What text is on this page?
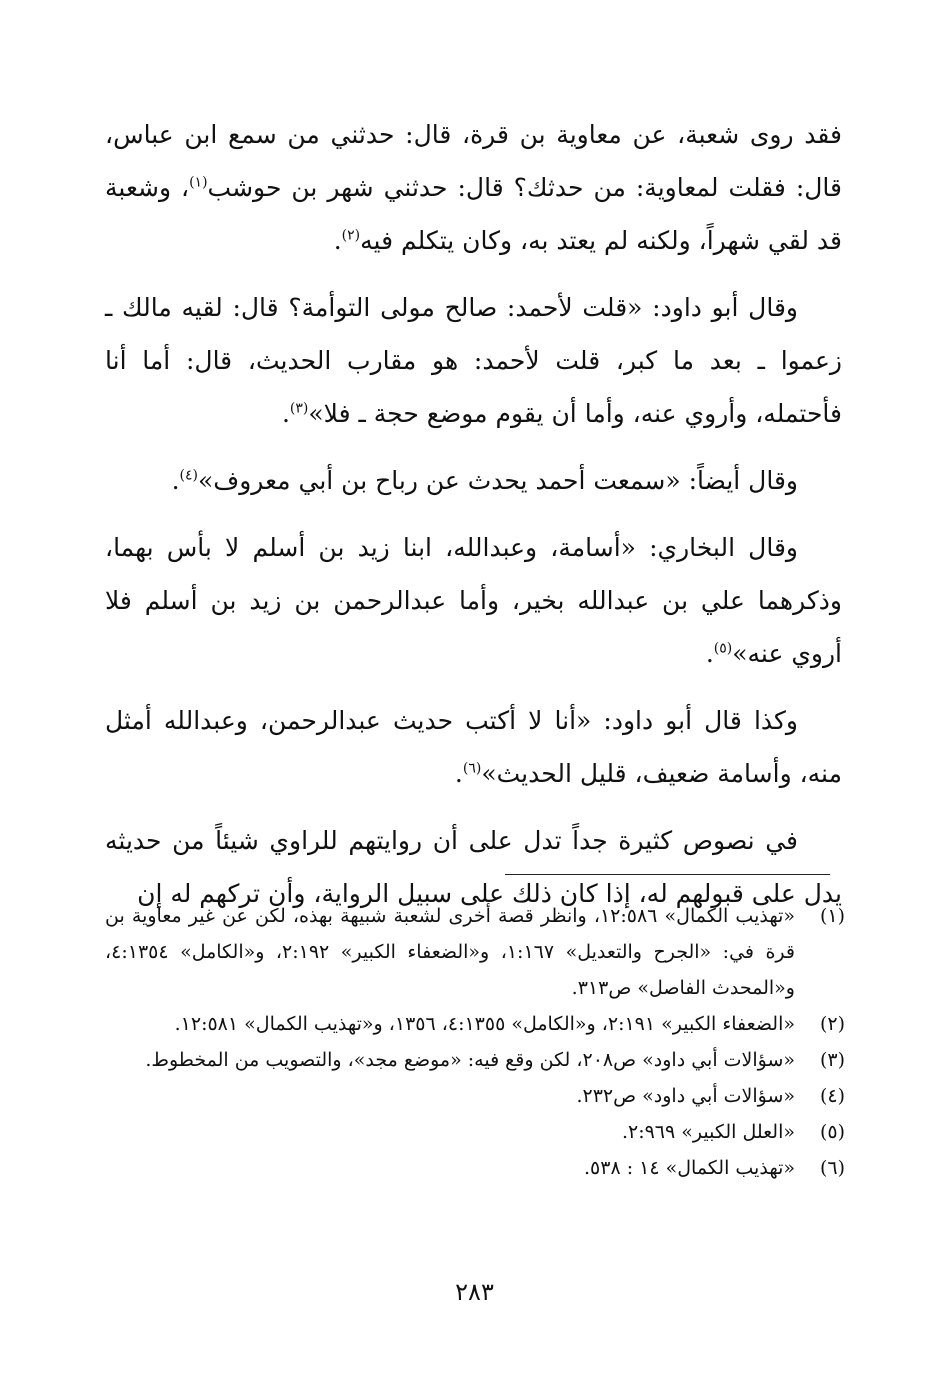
فقد روى شعبة، عن معاوية بن قرة، قال: حدثني من سمع ابن عباس، قال: فقلت لمعاوية: من حدثك؟ قال: حدثني شهر بن حوشب$^{(١)}$، وشعبة قد لقي شهراً، ولكنه لم يعتد به، وكان يتكلم فيه$^{(٢)}$.

وقال أبو داود: «قلت لأحمد: صالح مولى التوأمة؟ قال: لقيه مالك ـ زعموا ـ بعد ما كبر، قلت لأحمد: هو مقارب الحديث، قال: أما أنا فأحتمله، وأروي عنه، وأما أن يقوم موضع حجة ـ فلا»$^{(٣)}$.

وقال أيضاً: «سمعت أحمد يحدث عن رباح بن أبي معروف»$^{(٤)}$.

وقال البخاري: «أسامة، وعبدالله، ابنا زيد بن أسلم لا بأس بهما، وذكرهما علي بن عبدالله بخير، وأما عبدالرحمن بن زيد بن أسلم فلا أروي عنه»$^{(٥)}$.

وكذا قال أبو داود: «أنا لا أكتب حديث عبدالرحمن، وعبدالله أمثل منه، وأسامة ضعيف، قليل الحديث»$^{(٦)}$.

في نصوص كثيرة جداً تدل على أن روايتهم للراوي شيئاً من حديثه يدل على قبولهم له، إذا كان ذلك على سبيل الرواية، وأن تركهم له إن

(١)
«تهذيب الكمال» ١٢:٥٨٦، وانظر قصة أخرى لشعبة شبيهة بهذه، لكن عن غير معاوية بن قرة في: «الجرح والتعديل» ١:١٦٧، و«الضعفاء الكبير» ٢:١٩٢، و«الكامل» ٤:١٣٥٤، و«المحدث الفاصل» ص٣١٣.
(٢)
«الضعفاء الكبير» ٢:١٩١، و«الكامل» ٤:١٣٥٥، ١٣٥٦، و«تهذيب الكمال» ١٢:٥٨١.
(٣)
«سؤالات أبي داود» ص٢٠٨، لكن وقع فيه: «موضع مجد»، والتصويب من المخطوط.
(٤)
«سؤالات أبي داود» ص٢٣٢.
(٥)
«العلل الكبير» ٢:٩٦٩.
(٦)
«تهذيب الكمال» ١٤ : ٥٣٨.
٢٨٣
